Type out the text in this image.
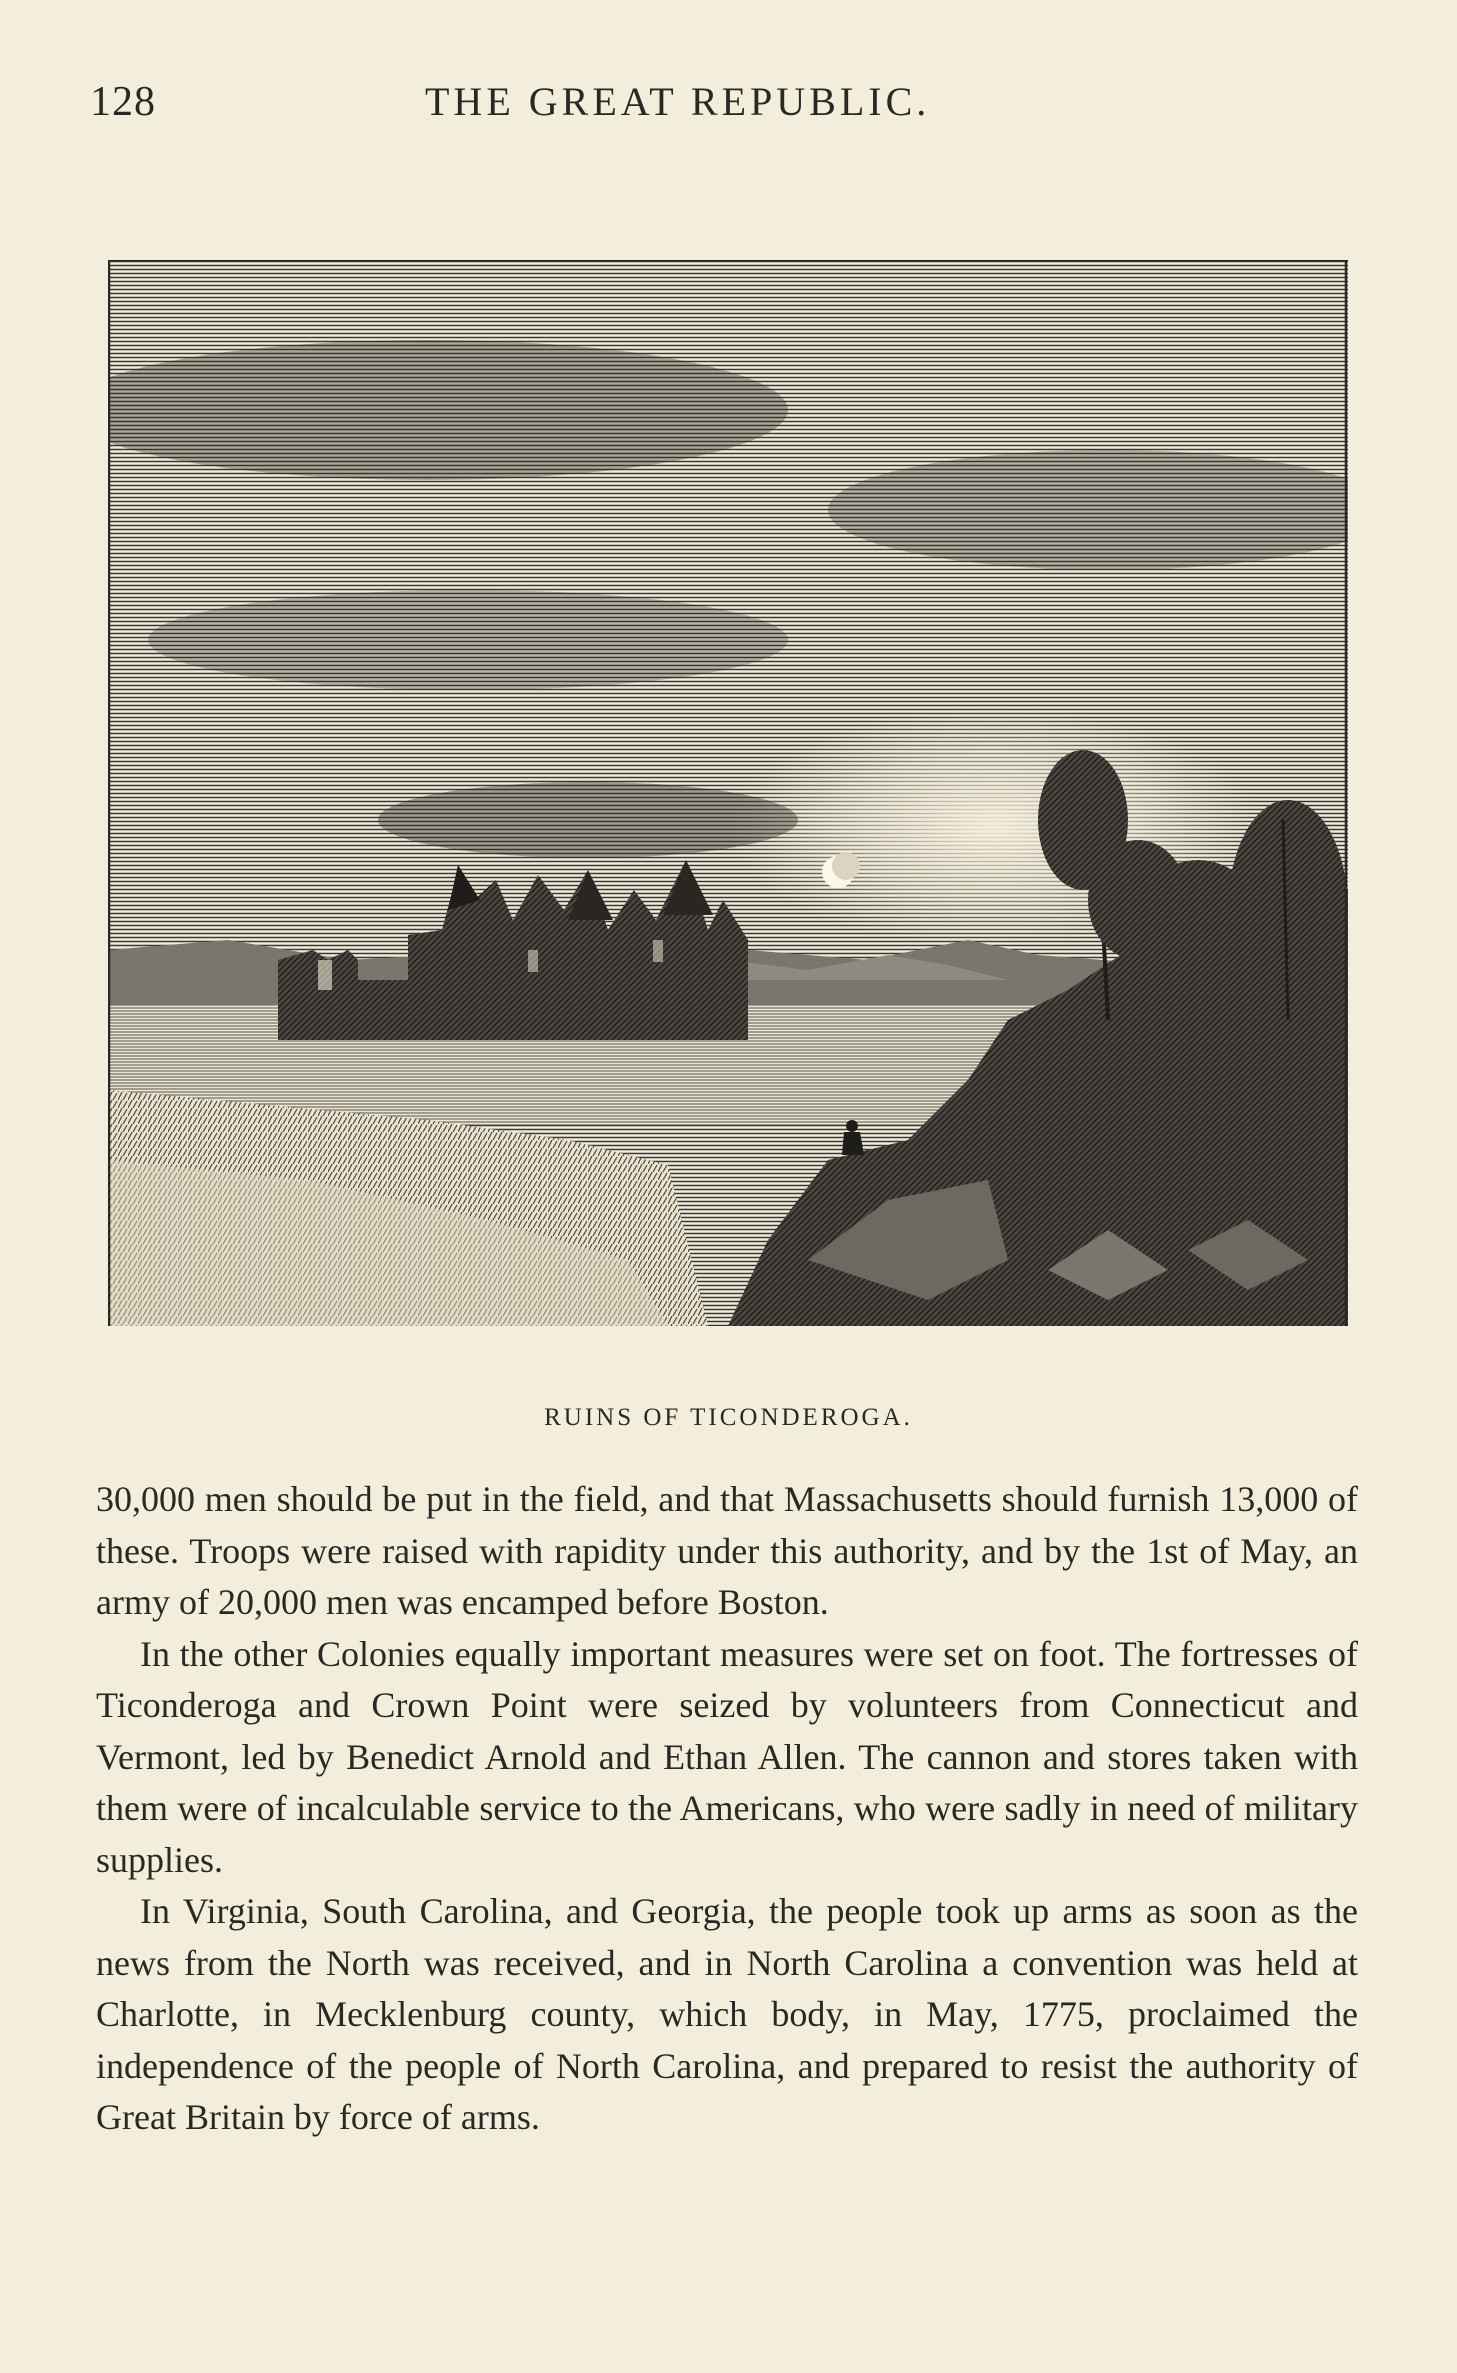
128	THE GREAT REPUBLIC.
RUINS OF TICONDEROGA.

30,000 men should be put in the field, and that Massachusetts should furnish 13,000 of these. Troops were raised with rapidity under this authority, and by the 1st of May, an army of 20,000 men was encamped before Boston.

In the other Colonies equally important measures were set on foot. The fortresses of Ticonderoga and Crown Point were seized by volunteers from Connecticut and Vermont, led by Benedict Arnold and Ethan Allen. The cannon and stores taken with them were of incalculable service to the Americans, who were sadly in need of military supplies.

In Virginia, South Carolina, and Georgia, the people took up arms as soon as the news from the North was received, and in North Carolina a convention was held at Charlotte, in Mecklenburg county, which body, in May, 1775, proclaimed the independence of the people of North Carolina, and prepared to resist the authority of Great Britain by force of arms.
